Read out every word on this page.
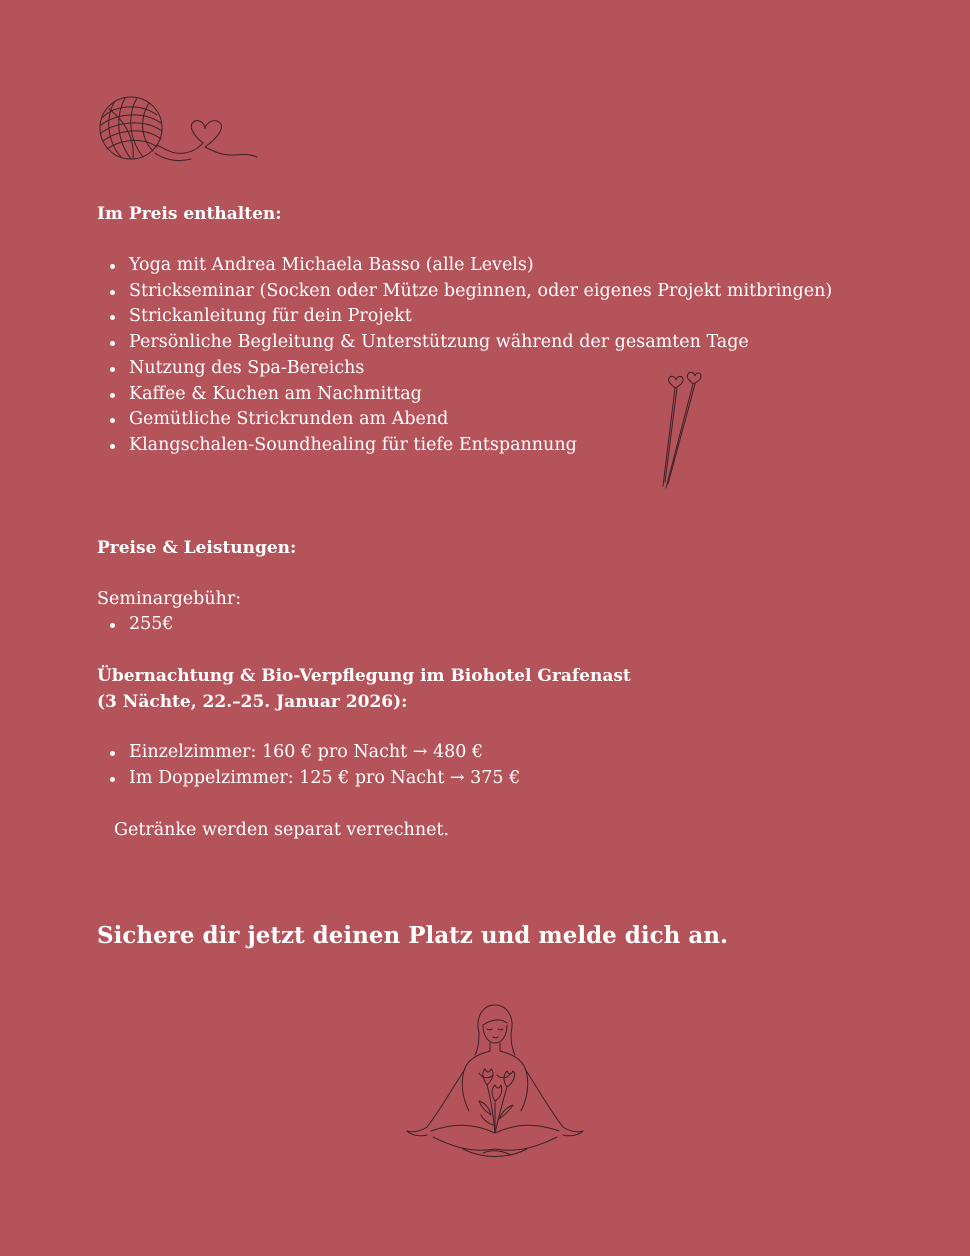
Im Preis enthalten:
Yoga mit Andrea Michaela Basso (alle Levels)
Strickseminar (Socken oder Mütze beginnen, oder eigenes Projekt mitbringen)
Strickanleitung für dein Projekt
Persönliche Begleitung & Unterstützung während der gesamten Tage
Nutzung des Spa-Bereichs
Kaffee & Kuchen am Nachmittag
Gemütliche Strickrunden am Abend
Klangschalen-Soundhealing für tiefe Entspannung
Preise & Leistungen:

Seminargebühr:

255€
Übernachtung & Bio-Verpflegung im Biohotel Grafenast
(3 Nächte, 22.–25. Januar 2026):
Einzelzimmer: 160 € pro Nacht → 480 €
Im Doppelzimmer: 125 € pro Nacht → 375 €

Getränke werden separat verrechnet.

Sichere dir jetzt deinen Platz und melde dich an.
